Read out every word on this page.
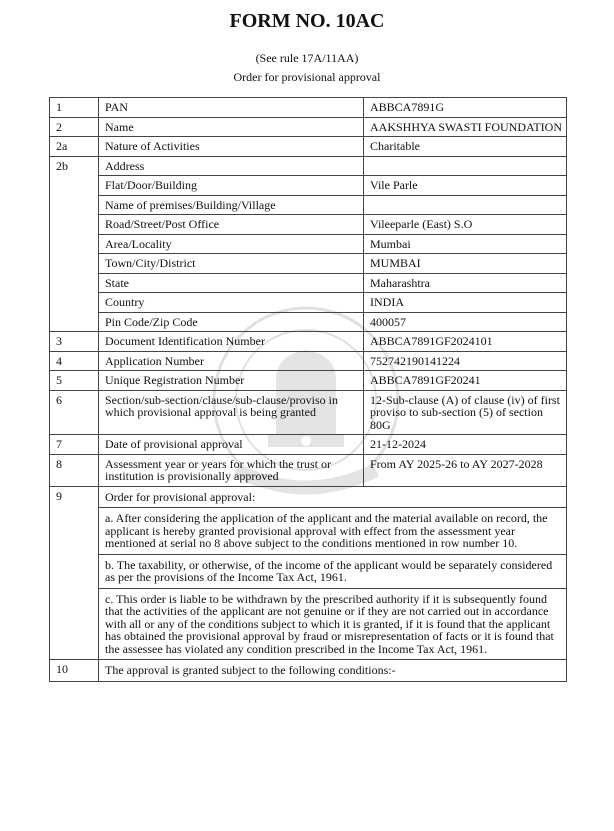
FORM NO. 10AC
(See rule 17A/11AA)
Order for provisional approval
1	PAN	ABBCA7891G
2	Name	AAKSHHYA SWASTI FOUNDATION
2a	Nature of Activities	Charitable
2b	Address	
	Flat/Door/Building	Vile Parle
	Name of premises/Building/Village	
	Road/Street/Post Office	Vileeparle (East) S.O
	Area/Locality	Mumbai
	Town/City/District	MUMBAI
	State	Maharashtra
	Country	INDIA
	Pin Code/Zip Code	400057
3	Document Identification Number	ABBCA7891GF2024101
4	Application Number	752742190141224
5	Unique Registration Number	ABBCA7891GF20241
6	Section/sub-section/clause/sub-clause/proviso in which provisional approval is being granted	12-Sub-clause (A) of clause (iv) of first proviso to sub-section (5) of section 80G
7	Date of provisional approval	21-12-2024
8	Assessment year or years for which the trust or institution is provisionally approved	From AY 2025-26 to AY 2027-2028
9	Order for provisional approval:	
	a. After considering the application of the applicant and the material available on record, the applicant is hereby granted provisional approval with effect from the assessment year mentioned at serial no 8 above subject to the conditions mentioned in row number 10.	
	b. The taxability, or otherwise, of the income of the applicant would be separately considered as per the provisions of the Income Tax Act, 1961.	
	c. This order is liable to be withdrawn by the prescribed authority if it is subsequently found that the activities of the applicant are not genuine or if they are not carried out in accordance with all or any of the conditions subject to which it is granted, if it is found that the applicant has obtained the provisional approval by fraud or misrepresentation of facts or it is found that the assessee has violated any condition prescribed in the Income Tax Act, 1961.	
10	The approval is granted subject to the following conditions:-	
